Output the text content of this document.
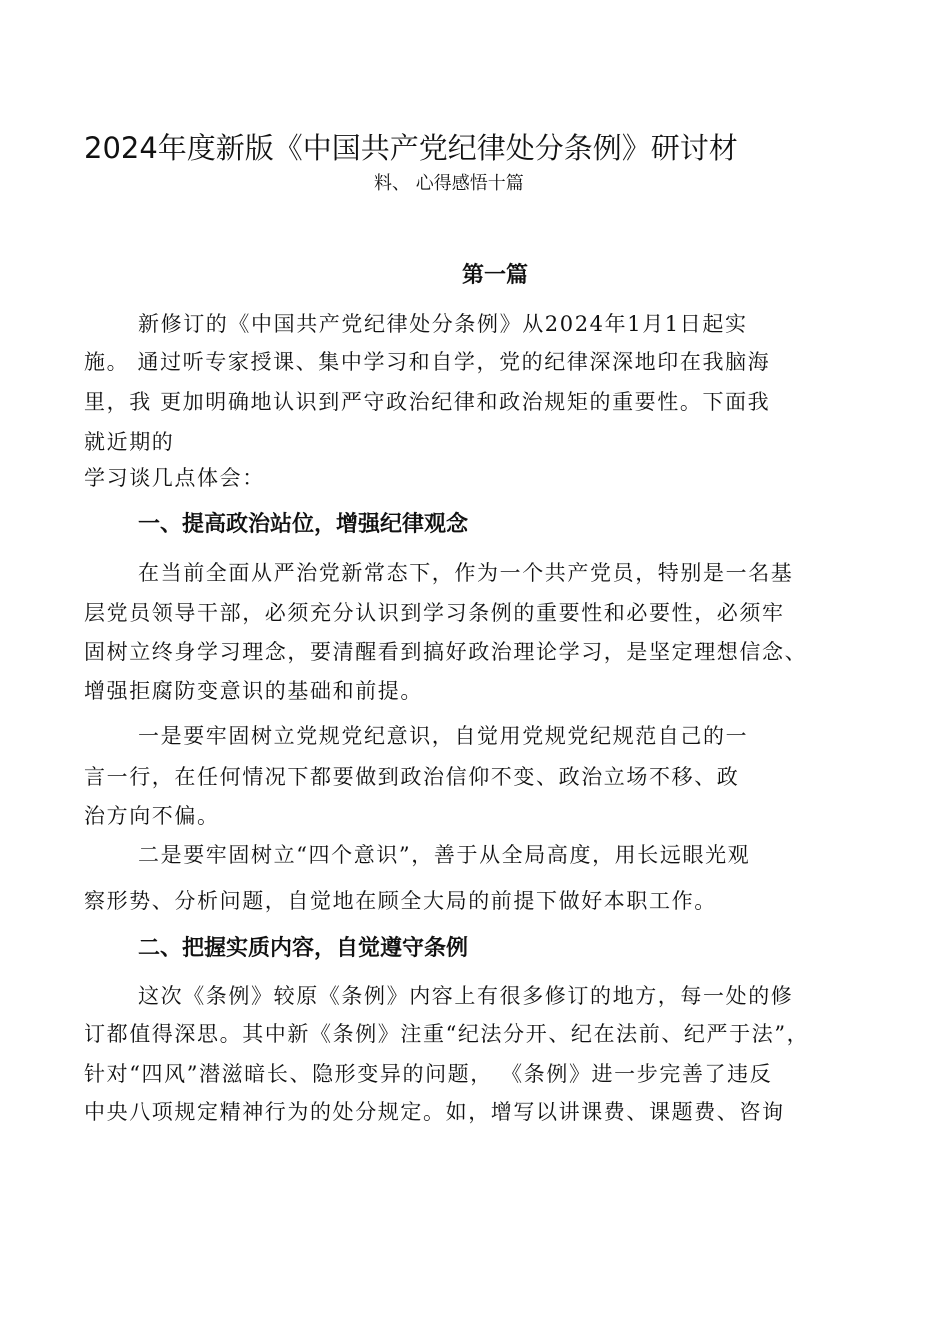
2024年度新版《中国共产党纪律处分条例》研讨材
料、 心得感悟十篇
第一篇
新修订的《中国共产党纪律处分条例》从2024年1月1日起实
施。 通过听专家授课、集中学习和自学，党的纪律深深地印在我脑海
里，我 更加明确地认识到严守政治纪律和政治规矩的重要性。下面我
就近期的
学习谈几点体会：
一、提高政治站位，增强纪律观念
在当前全面从严治党新常态下，作为一个共产党员，特别是一名基
层党员领导干部，必须充分认识到学习条例的重要性和必要性，必须牢
固树立终身学习理念，要清醒看到搞好政治理论学习，是坚定理想信念、
增强拒腐防变意识的基础和前提。
一是要牢固树立党规党纪意识，自觉用党规党纪规范自己的一
言一行，在任何情况下都要做到政治信仰不变、政治立场不移、政
治方向不偏。
二是要牢固树立“四个意识”，善于从全局高度，用长远眼光观
察形势、分析问题，自觉地在顾全大局的前提下做好本职工作。
二、把握实质内容，自觉遵守条例
这次《条例》较原《条例》内容上有很多修订的地方，每一处的修
订都值得深思。其中新《条例》注重“纪法分开、纪在法前、纪严于法”，
针对“四风”潜滋暗长、隐形变异的问题， 《条例》进一步完善了违反
中央八项规定精神行为的处分规定。如，增写以讲课费、课题费、咨询
